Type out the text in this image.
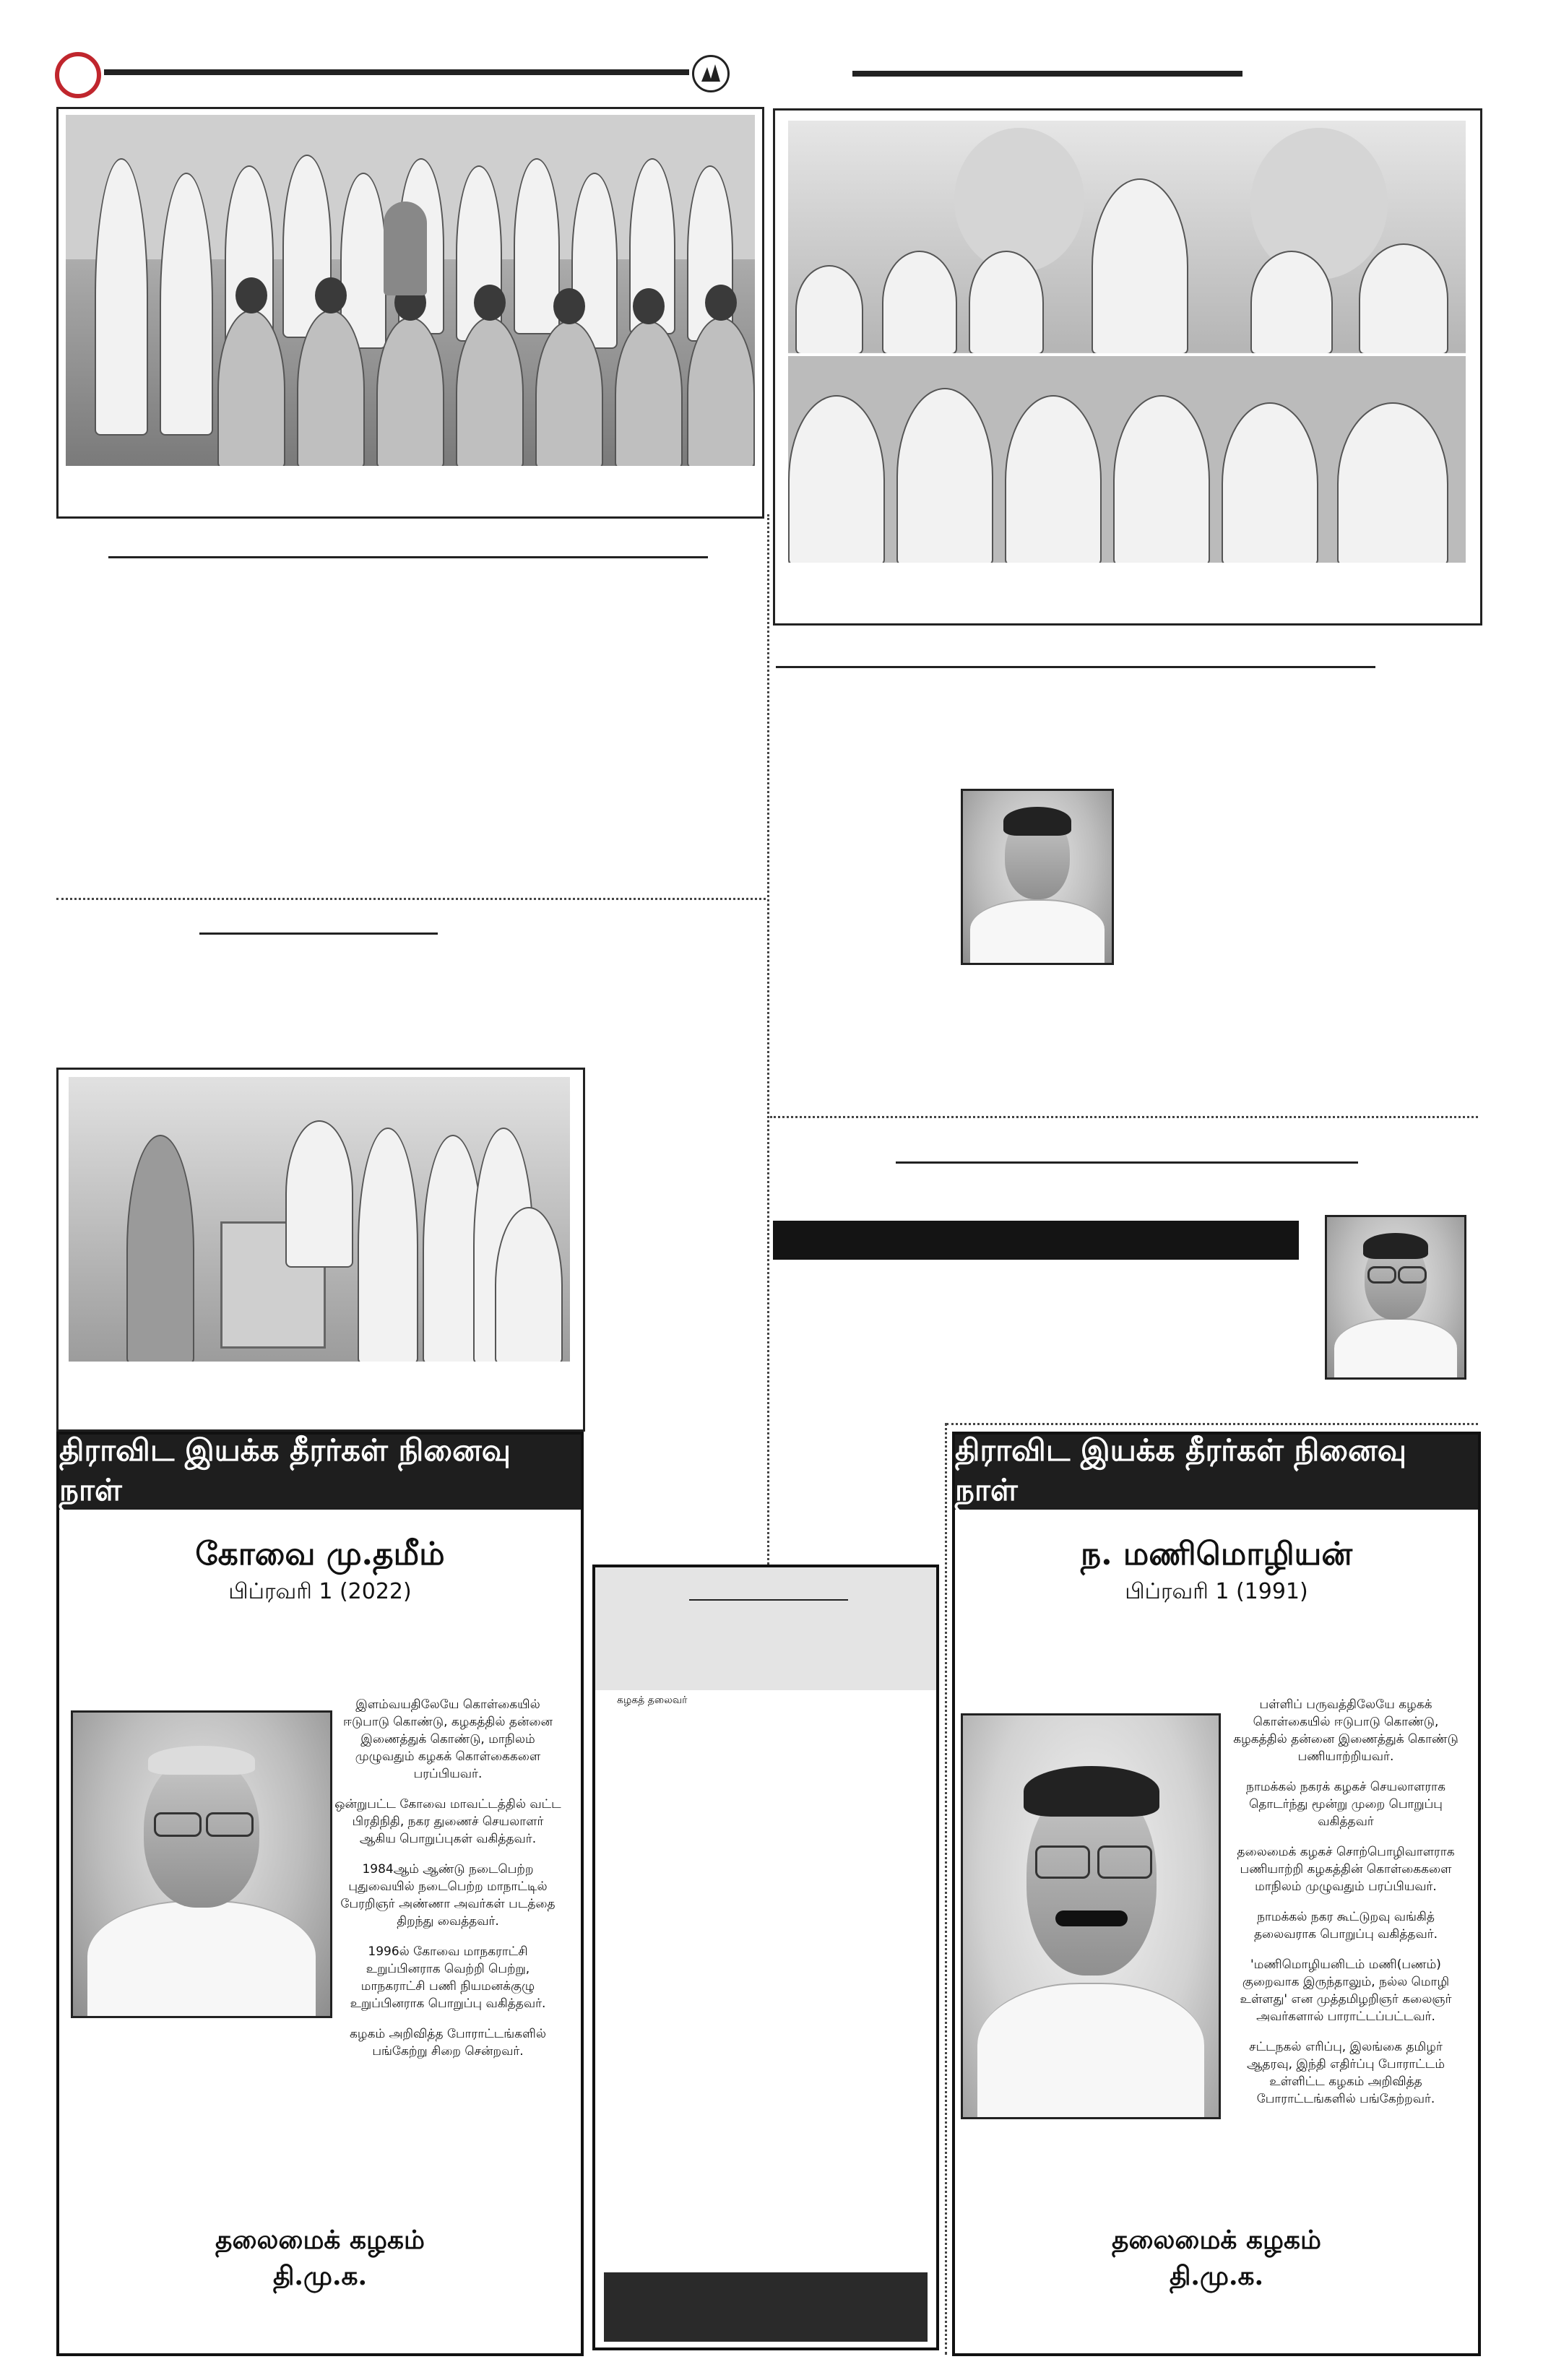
திராவிட இயக்க தீரர்கள் நினைவு நாள்
கோவை மு.தமீம்
பிப்ரவரி 1 (2022)

இளம்வயதிலேயே கொள்கையில் ஈடுபாடு கொண்டு, கழகத்தில் தன்னை இணைத்துக் கொண்டு, மாநிலம் முழுவதும் கழகக் கொள்கைகளை பரப்பியவர்.

ஒன்றுபட்ட கோவை மாவட்டத்தில் வட்ட பிரதிநிதி, நகர துணைச் செயலாளர் ஆகிய பொறுப்புகள் வகித்தவர்.

1984ஆம் ஆண்டு நடைபெற்ற புதுவையில் நடைபெற்ற மாநாட்டில் பேரறிஞர் அண்ணா அவர்கள் படத்தை திறந்து வைத்தவர்.

1996ல் கோவை மாநகராட்சி உறுப்பினராக வெற்றி பெற்று, மாநகராட்சி பணி நியமனக்குழு உறுப்பினராக பொறுப்பு வகித்தவர்.

கழகம் அறிவித்த போராட்டங்களில் பங்கேற்று சிறை சென்றவர்.

தலைமைக் கழகம்
தி.மு.க.
கழகத் தலைவர்
திராவிட இயக்க தீரர்கள் நினைவு நாள்
ந. மணிமொழியன்
பிப்ரவரி 1 (1991)

பள்ளிப் பருவத்திலேயே கழகக் கொள்கையில் ஈடுபாடு கொண்டு, கழகத்தில் தன்னை இணைத்துக் கொண்டு பணியாற்றியவர்.

நாமக்கல் நகரக் கழகச் செயலாளராக தொடர்ந்து மூன்று முறை பொறுப்பு வகித்தவர்

தலைமைக் கழகச் சொற்பொழிவாளராக பணியாற்றி கழகத்தின் கொள்கைகளை மாநிலம் முழுவதும் பரப்பியவர்.

நாமக்கல் நகர கூட்டுறவு வங்கித் தலைவராக பொறுப்பு வகித்தவர்.

'மணிமொழியனிடம் மணி(பணம்) குறைவாக இருந்தாலும், நல்ல மொழி உள்ளது' என முத்தமிழறிஞர் கலைஞர் அவர்களால் பாராட்டப்பட்டவர்.

சட்டநகல் எரிப்பு, இலங்கை தமிழர் ஆதரவு, இந்தி எதிர்ப்பு போராட்டம் உள்ளிட்ட கழகம் அறிவித்த போராட்டங்களில் பங்கேற்றவர்.

தலைமைக் கழகம்
தி.மு.க.
